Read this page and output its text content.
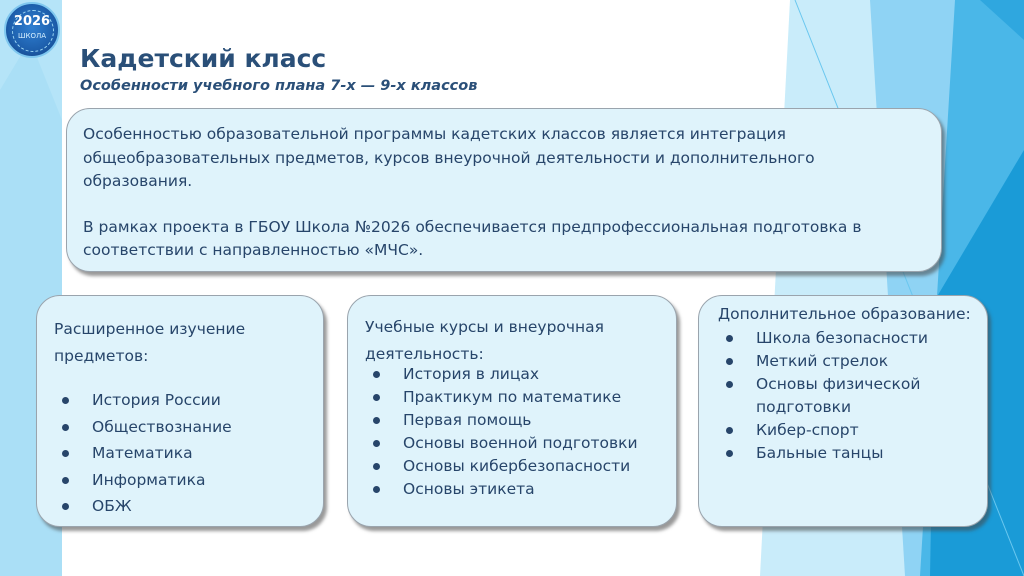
2026
ШКОЛА
Кадетский класс
Особенности учебного плана 7-х — 9-х классов

Особенностью образовательной программы кадетских классов является интеграция общеобразовательных предметов, курсов внеурочной деятельности и дополнительного образования.

В рамках проекта в ГБОУ Школа №2026 обеспечивается предпрофессиональная подготовка в соответствии с направленностью «МЧС».

Расширенное изучение предметов:
История России
Обществознание
Математика
Информатика
ОБЖ
Учебные курсы и внеурочная деятельность:
История в лицах
Практикум по математике
Первая помощь
Основы военной подготовки
Основы кибербезопасности
Основы этикета
Дополнительное образование:
Школа безопасности
Меткий стрелок
Основы физической подготовки
Кибер-спорт
Бальные танцы
